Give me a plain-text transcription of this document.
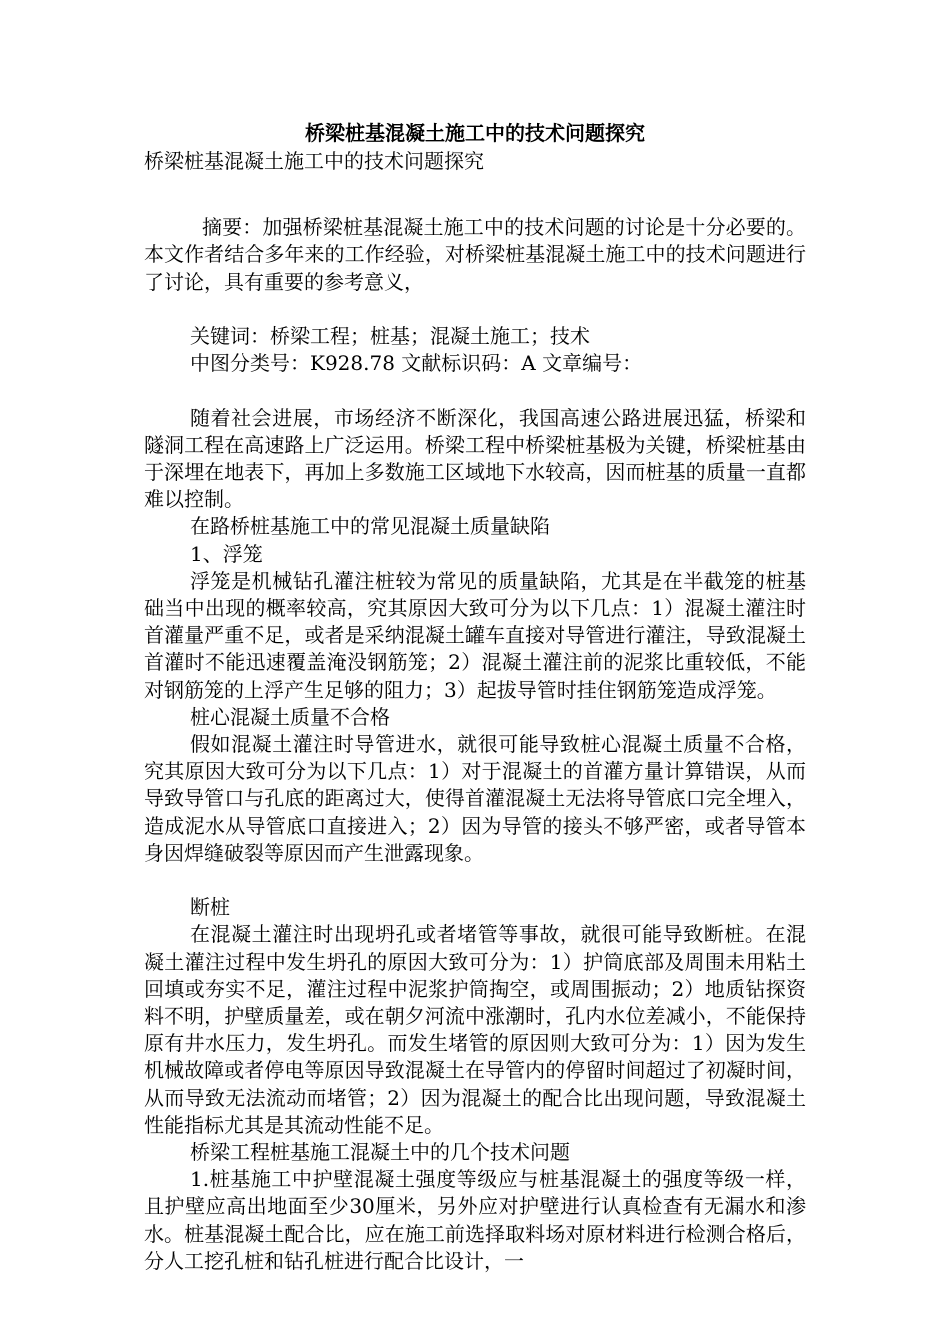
桥梁桩基混凝土施工中的技术问题探究

桥梁桩基混凝土施工中的技术问题探究

摘要：加强桥梁桩基混凝土施工中的技术问题的讨论是十分必要的。本文作者结合多年来的工作经验，对桥梁桩基混凝土施工中的技术问题进行了讨论，具有重要的参考意义，

关键词：桥梁工程；桩基；混凝土施工；技术

中图分类号：K928.78 文献标识码：A 文章编号：

随着社会进展，市场经济不断深化，我国高速公路进展迅猛，桥梁和隧洞工程在高速路上广泛运用。桥梁工程中桥梁桩基极为关键，桥梁桩基由于深埋在地表下，再加上多数施工区域地下水较高，因而桩基的质量一直都难以控制。

在路桥桩基施工中的常见混凝土质量缺陷

1、浮笼

浮笼是机械钻孔灌注桩较为常见的质量缺陷，尤其是在半截笼的桩基础当中出现的概率较高，究其原因大致可分为以下几点：1）混凝土灌注时首灌量严重不足，或者是采纳混凝土罐车直接对导管进行灌注，导致混凝土首灌时不能迅速覆盖淹没钢筋笼；2）混凝土灌注前的泥浆比重较低，不能对钢筋笼的上浮产生足够的阻力；3）起拔导管时挂住钢筋笼造成浮笼。

桩心混凝土质量不合格

假如混凝土灌注时导管进水，就很可能导致桩心混凝土质量不合格，究其原因大致可分为以下几点：1）对于混凝土的首灌方量计算错误，从而导致导管口与孔底的距离过大，使得首灌混凝土无法将导管底口完全埋入，造成泥水从导管底口直接进入；2）因为导管的接头不够严密，或者导管本身因焊缝破裂等原因而产生泄露现象。

断桩

在混凝土灌注时出现坍孔或者堵管等事故，就很可能导致断桩。在混凝土灌注过程中发生坍孔的原因大致可分为：1）护筒底部及周围未用粘土回填或夯实不足，灌注过程中泥浆护筒掏空，或周围振动；2）地质钻探资料不明，护壁质量差，或在朝夕河流中涨潮时，孔内水位差减小，不能保持原有井水压力，发生坍孔。而发生堵管的原因则大致可分为：1）因为发生机械故障或者停电等原因导致混凝土在导管内的停留时间超过了初凝时间，从而导致无法流动而堵管；2）因为混凝土的配合比出现问题，导致混凝土性能指标尤其是其流动性能不足。

桥梁工程桩基施工混凝土中的几个技术问题

1.桩基施工中护壁混凝土强度等级应与桩基混凝土的强度等级一样，且护壁应高出地面至少30厘米，另外应对护壁进行认真检查有无漏水和渗水。桩基混凝土配合比，应在施工前选择取料场对原材料进行检测合格后，分人工挖孔桩和钻孔桩进行配合比设计，一
